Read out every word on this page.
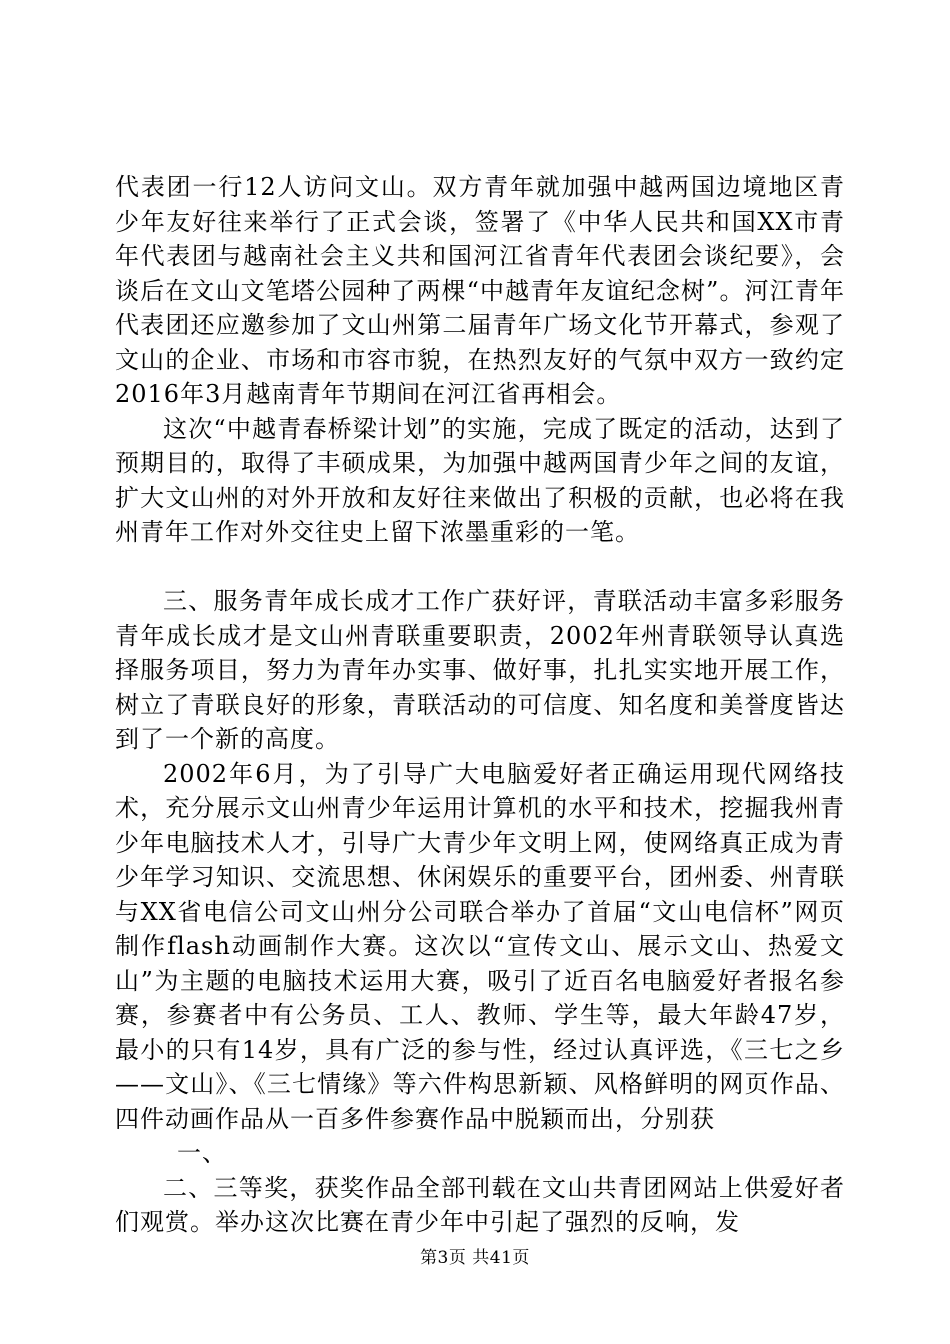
代表团一行12人访问文山。双方青年就加强中越两国边境地区青少年友好往来举行了正式会谈，签署了《中华人民共和国XX市青年代表团与越南社会主义共和国河江省青年代表团会谈纪要》，会谈后在文山文笔塔公园种了两棵“中越青年友谊纪念树”。河江青年代表团还应邀参加了文山州第二届青年广场文化节开幕式，参观了文山的企业、市场和市容市貌，在热烈友好的气氛中双方一致约定2016年3月越南青年节期间在河江省再相会。

这次“中越青春桥梁计划”的实施，完成了既定的活动，达到了预期目的，取得了丰硕成果，为加强中越两国青少年之间的友谊，扩大文山州的对外开放和友好往来做出了积极的贡献，也必将在我州青年工作对外交往史上留下浓墨重彩的一笔。

三、服务青年成长成才工作广获好评，青联活动丰富多彩服务青年成长成才是文山州青联重要职责，2002年州青联领导认真选择服务项目，努力为青年办实事、做好事，扎扎实实地开展工作，树立了青联良好的形象，青联活动的可信度、知名度和美誉度皆达到了一个新的高度。

2002年6月，为了引导广大电脑爱好者正确运用现代网络技术，充分展示文山州青少年运用计算机的水平和技术，挖掘我州青少年电脑技术人才，引导广大青少年文明上网，使网络真正成为青少年学习知识、交流思想、休闲娱乐的重要平台，团州委、州青联与XX省电信公司文山州分公司联合举办了首届“文山电信杯”网页制作flash动画制作大赛。这次以“宣传文山、展示文山、热爱文山”为主题的电脑技术运用大赛，吸引了近百名电脑爱好者报名参赛，参赛者中有公务员、工人、教师、学生等，最大年龄47岁，最小的只有14岁，具有广泛的参与性，经过认真评选，《三七之乡——文山》、《三七情缘》等六件构思新颖、风格鲜明的网页作品、四件动画作品从一百多件参赛作品中脱颖而出，分别获

一、

二、三等奖，获奖作品全部刊载在文山共青团网站上供爱好者们观赏。举办这次比赛在青少年中引起了强烈的反响，发

第3页 共41页
